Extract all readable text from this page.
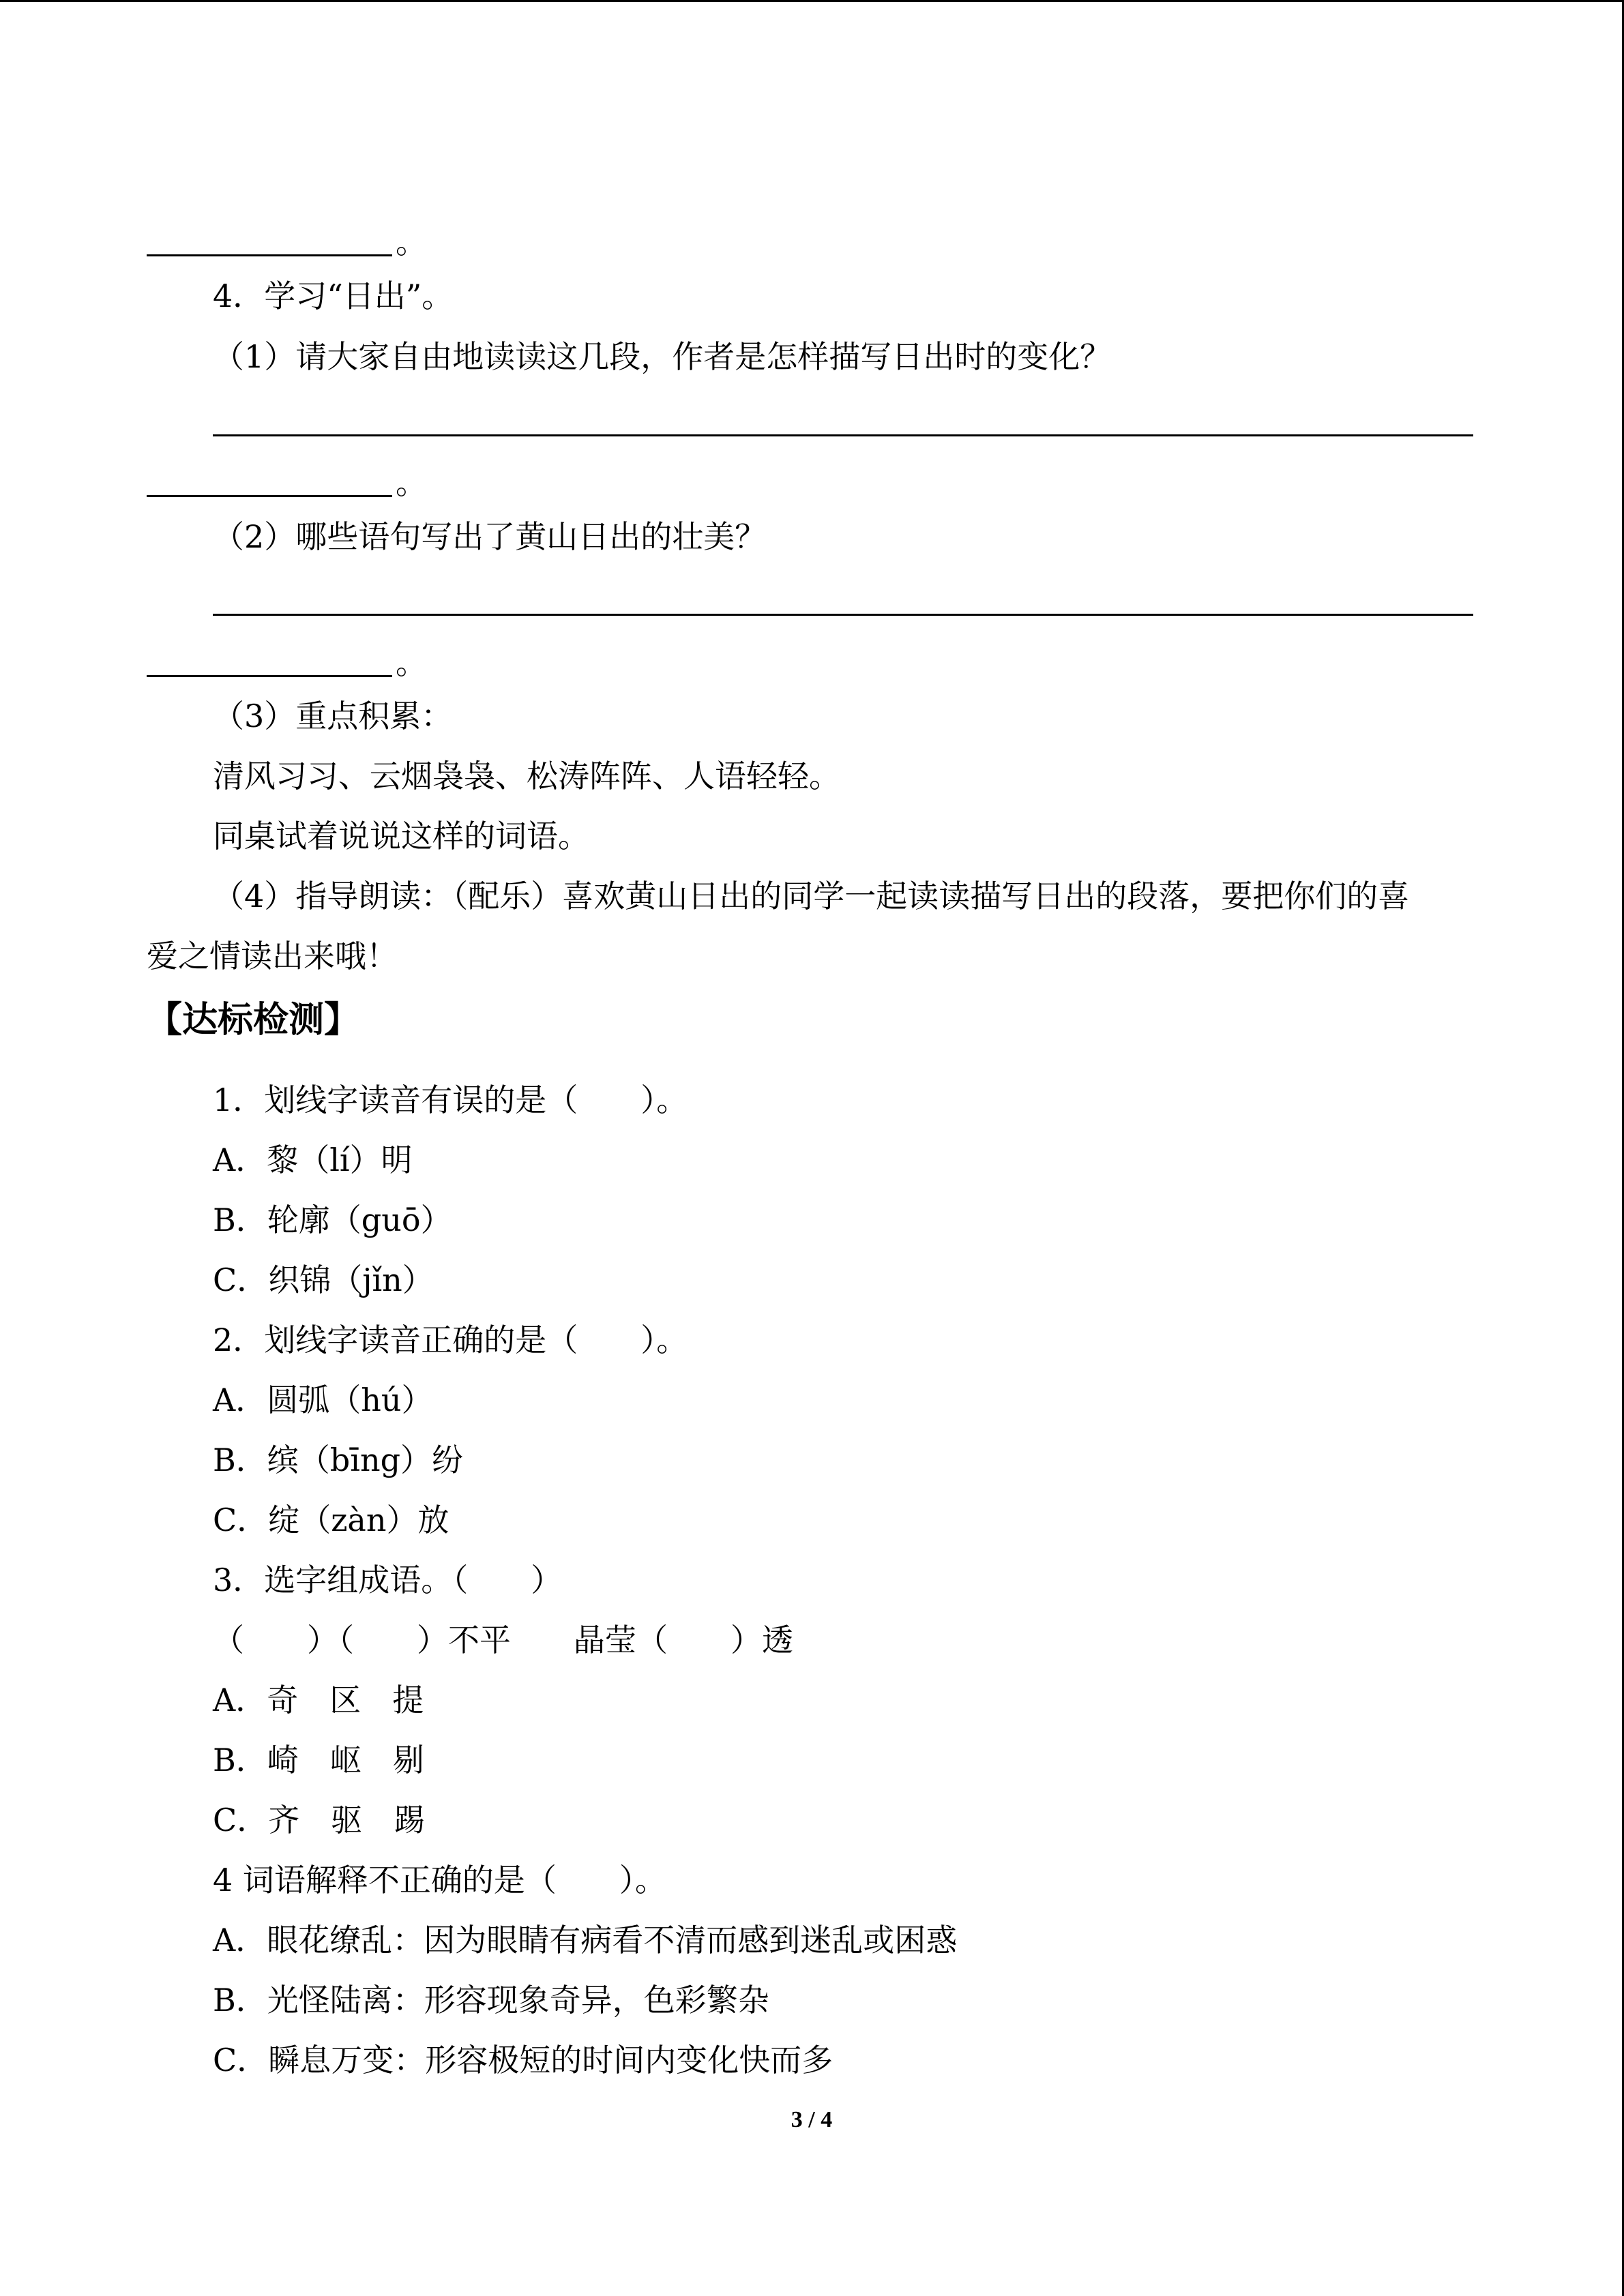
。
4．学习“日出”。
（1）请大家自由地读读这几段，作者是怎样描写日出时的变化？
。
（2）哪些语句写出了黄山日出的壮美？
。
（3）重点积累：
清风习习、云烟袅袅、松涛阵阵、人语轻轻。
同桌试着说说这样的词语。
（4）指导朗读：（配乐）喜欢黄山日出的同学一起读读描写日出的段落，要把你们的喜
爱之情读出来哦！
【达标检测】
1．划线字读音有误的是（　　）。
A．黎（lí）明
B．轮廓（guō）
C．织锦（jǐn）
2．划线字读音正确的是（　　）。
A．圆弧（hú）
B．缤（bīng）纷
C．绽（zàn）放
3．选字组成语。（　　）
（　　）（　　）不平　　晶莹（　　）透
A．奇　区　提
B．崎　岖　剔
C．齐　驱　踢
4 词语解释不正确的是（　　）。
A．眼花缭乱：因为眼睛有病看不清而感到迷乱或困惑
B．光怪陆离：形容现象奇异，色彩繁杂
C．瞬息万变：形容极短的时间内变化快而多
3 / 4
